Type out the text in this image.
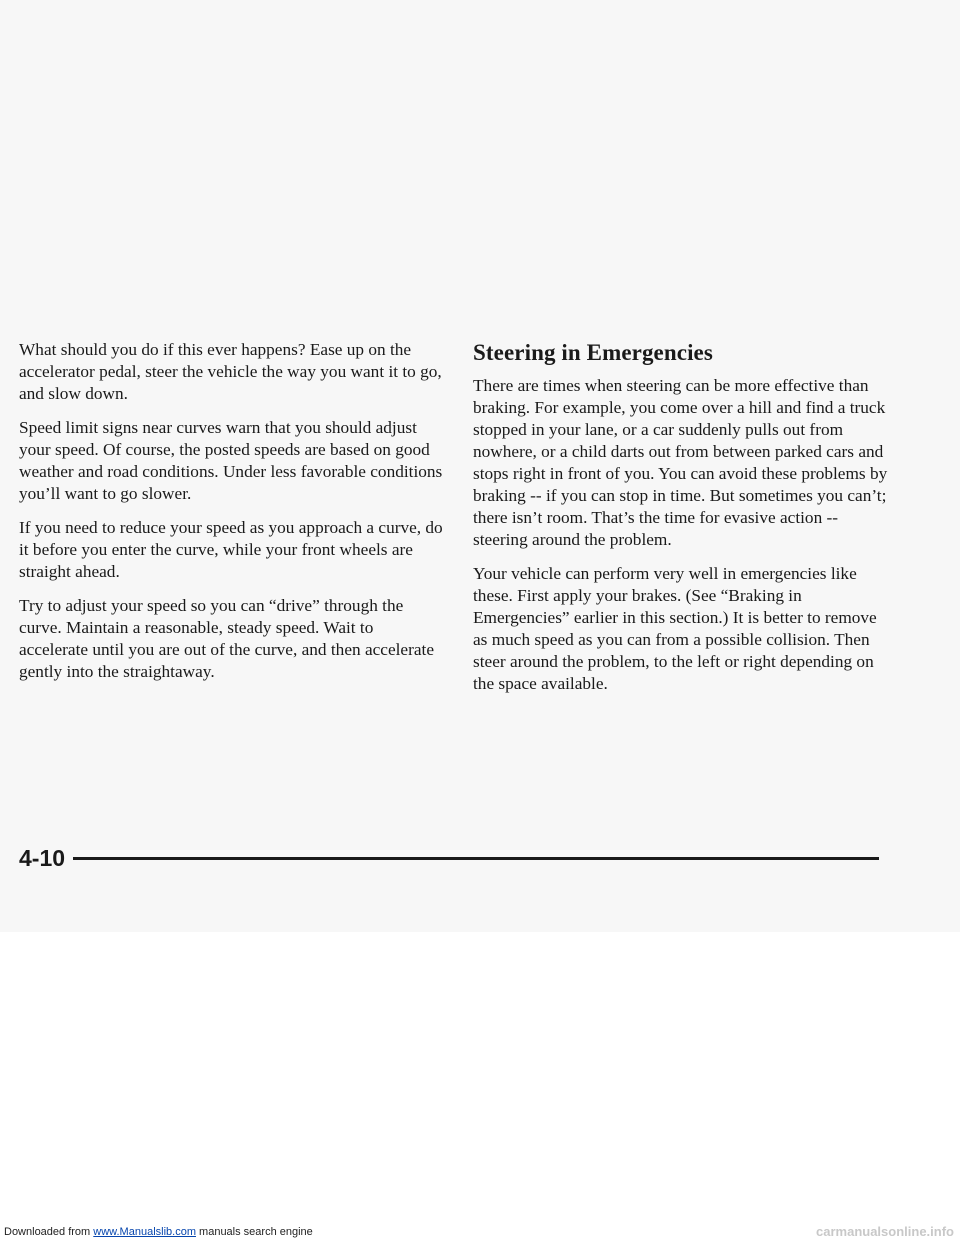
What should you do if this ever happens? Ease up on the accelerator pedal, steer the vehicle the way you want it to go, and slow down.

Speed limit signs near curves warn that you should adjust your speed. Of course, the posted speeds are based on good weather and road conditions. Under less favorable conditions you’ll want to go slower.

If you need to reduce your speed as you approach a curve, do it before you enter the curve, while your front wheels are straight ahead.

Try to adjust your speed so you can “drive” through the curve. Maintain a reasonable, steady speed. Wait to accelerate until you are out of the curve, and then accelerate gently into the straightaway.

Steering in Emergencies

There are times when steering can be more effective than braking. For example, you come over a hill and find a truck stopped in your lane, or a car suddenly pulls out from nowhere, or a child darts out from between parked cars and stops right in front of you. You can avoid these problems by braking -- if you can stop in time. But sometimes you can’t; there isn’t room. That’s the time for evasive action -- steering around the problem.

Your vehicle can perform very well in emergencies like these. First apply your brakes. (See “Braking in Emergencies” earlier in this section.) It is better to remove as much speed as you can from a possible collision. Then steer around the problem, to the left or right depending on the space available.

4-10
Downloaded from www.Manualslib.com manuals search engine	carmanualsonline.info
